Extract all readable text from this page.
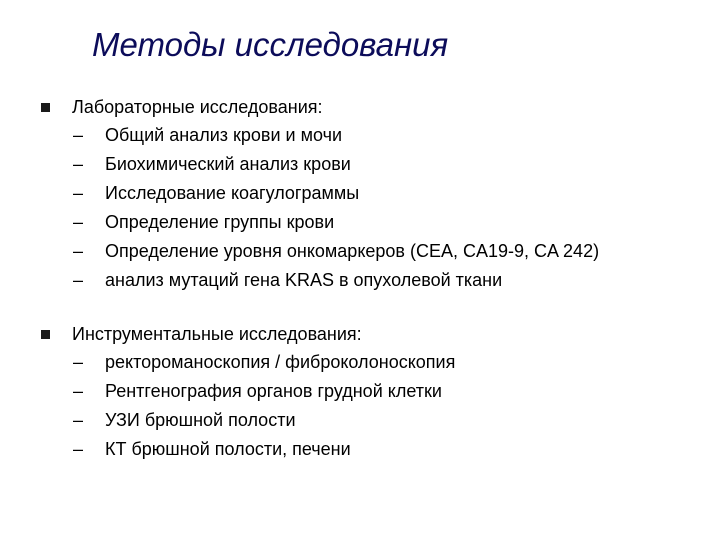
Методы исследования
Лабораторные исследования:
– Общий анализ крови и мочи
– Биохимический анализ крови
– Исследование коагулограммы
– Определение группы крови
– Определение уровня онкомаркеров (CEA, CA19-9, CA 242)
– анализ мутаций гена KRAS в опухолевой ткани
Инструментальные исследования:
– ректороманоскопия / фиброколоноскопия
– Рентгенография органов грудной клетки
– УЗИ брюшной полости
– КТ брюшной полости, печени
